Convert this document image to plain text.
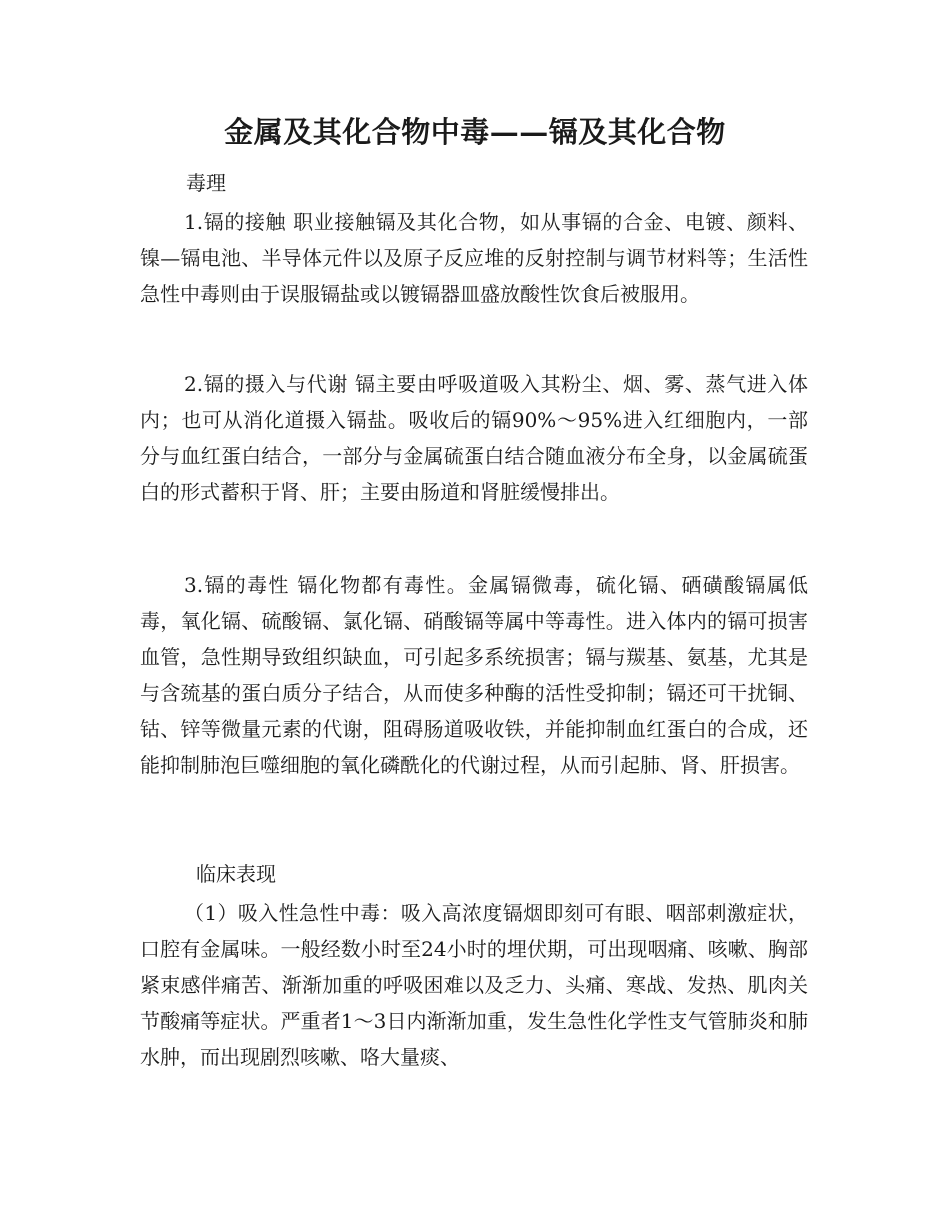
金属及其化合物中毒——镉及其化合物
毒理

1.镉的接触 职业接触镉及其化合物，如从事镉的合金、电镀、颜料、镍—镉电池、半导体元件以及原子反应堆的反射控制与调节材料等；生活性急性中毒则由于误服镉盐或以镀镉器皿盛放酸性饮食后被服用。

2.镉的摄入与代谢 镉主要由呼吸道吸入其粉尘、烟、雾、蒸气进入体内；也可从消化道摄入镉盐。吸收后的镉90%～95%进入红细胞内，一部分与血红蛋白结合，一部分与金属硫蛋白结合随血液分布全身，以金属硫蛋白的形式蓄积于肾、肝；主要由肠道和肾脏缓慢排出。

3.镉的毒性 镉化物都有毒性。金属镉微毒，硫化镉、硒磺酸镉属低毒，氧化镉、硫酸镉、氯化镉、硝酸镉等属中等毒性。进入体内的镉可损害血管，急性期导致组织缺血，可引起多系统损害；镉与羰基、氨基，尤其是与含巯基的蛋白质分子结合，从而使多种酶的活性受抑制；镉还可干扰铜、钴、锌等微量元素的代谢，阻碍肠道吸收铁，并能抑制血红蛋白的合成，还能抑制肺泡巨噬细胞的氧化磷酰化的代谢过程，从而引起肺、肾、肝损害。

临床表现

（1）吸入性急性中毒：吸入高浓度镉烟即刻可有眼、咽部刺激症状，口腔有金属味。一般经数小时至24小时的埋伏期，可出现咽痛、咳嗽、胸部紧束感伴痛苦、渐渐加重的呼吸困难以及乏力、头痛、寒战、发热、肌肉关节酸痛等症状。严重者1～3日内渐渐加重，发生急性化学性支气管肺炎和肺水肿，而出现剧烈咳嗽、咯大量痰、
